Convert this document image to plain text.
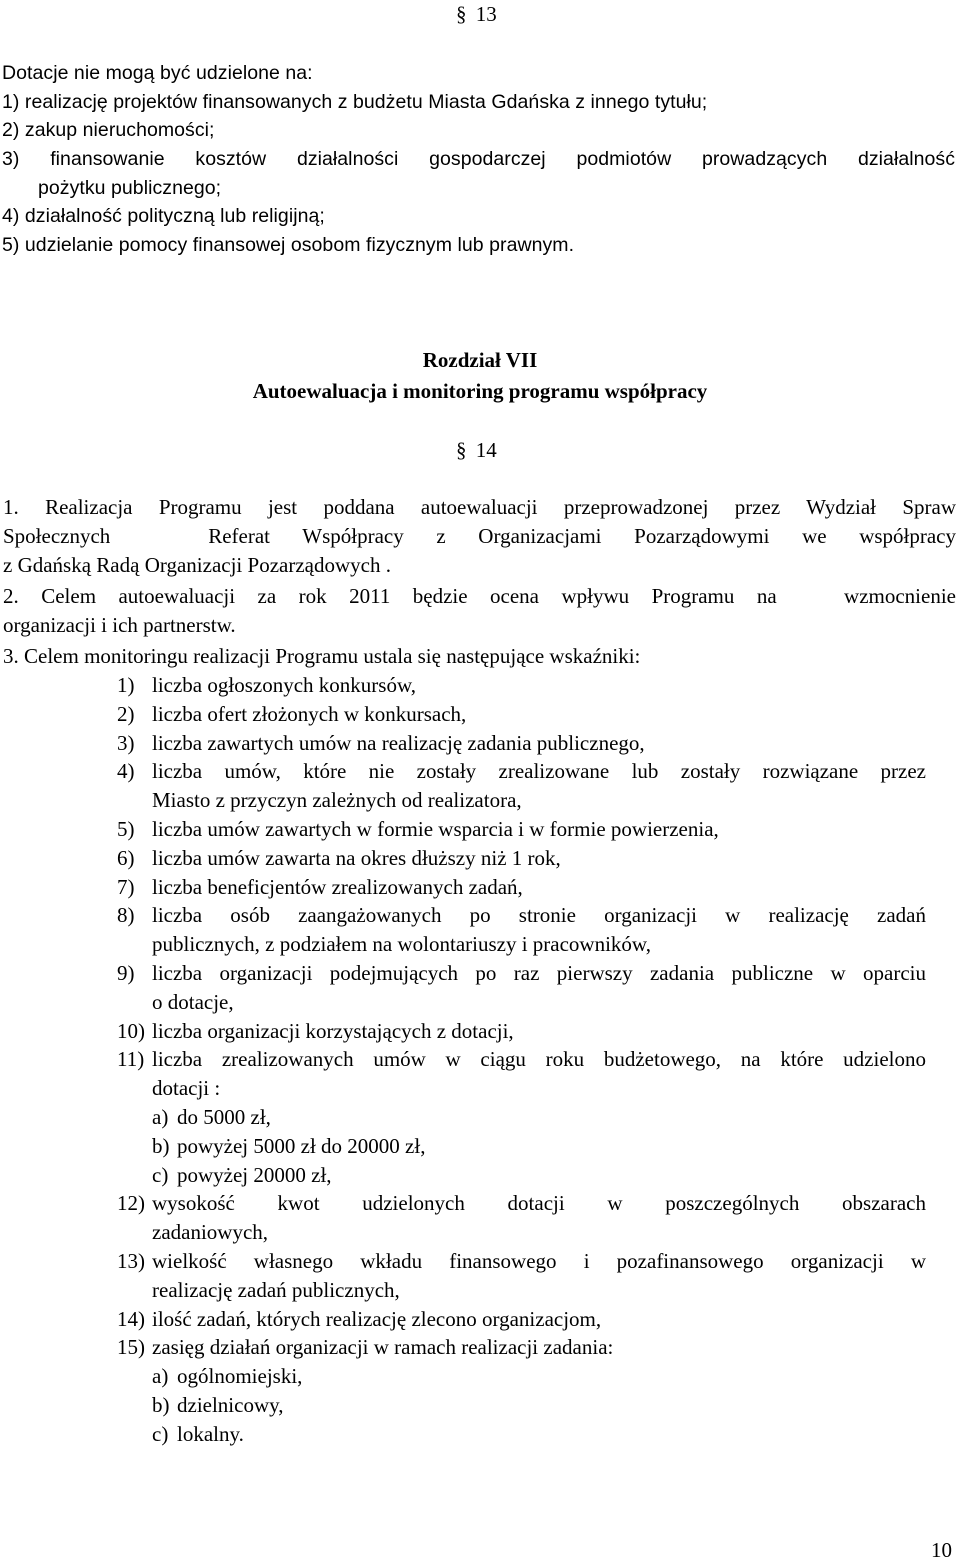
§ 13

Dotacje nie mogą być udzielone na:

1) realizację projektów finansowanych z budżetu Miasta Gdańska z innego tytułu;

2) zakup nieruchomości;

3) finansowanie kosztów działalności gospodarczej podmiotów prowadzących działalność

pożytku publicznego;

4) działalność polityczną lub religijną;

5) udzielanie pomocy finansowej osobom fizycznym lub prawnym.

Rozdział VII

Autoewaluacja i monitoring programu współpracy

§ 14

1. Realizacja Programu jest poddana autoewaluacji przeprowadzonej przez Wydział Spraw

Społecznych   Referat Współpracy z Organizacjami Pozarządowymi we współpracy

z Gdańską Radą Organizacji Pozarządowych .

2. Celem autoewaluacji za rok 2011 będzie ocena wpływu Programu na   wzmocnienie

organizacji i ich partnerstw.

3. Celem monitoringu realizacji Programu ustala się następujące wskaźniki:

1) liczba ogłoszonych konkursów,
2) liczba ofert złożonych w konkursach,
3) liczba zawartych umów na realizację zadania publicznego,
4) liczba umów, które nie zostały zrealizowane lub zostały rozwiązane przez
Miasto z przyczyn zależnych od realizatora,
5) liczba umów zawartych w formie wsparcia i w formie powierzenia,
6) liczba umów zawarta na okres dłuższy niż 1 rok,
7) liczba beneficjentów zrealizowanych zadań,
8) liczba osób zaangażowanych po stronie organizacji w realizację zadań
publicznych, z podziałem na wolontariuszy i pracowników,
9) liczba organizacji podejmujących po raz pierwszy zadania publiczne w oparciu
o dotacje,
10) liczba organizacji korzystających z dotacji,
11) liczba zrealizowanych umów w ciągu roku budżetowego, na które udzielono
dotacji :
a) do 5000 zł,
b) powyżej 5000 zł do 20000 zł,
c) powyżej 20000 zł,
12) wysokość kwot udzielonych dotacji w poszczególnych obszarach
zadaniowych,
13) wielkość własnego wkładu finansowego i pozafinansowego organizacji w
realizację zadań publicznych,
14) ilość zadań, których realizację zlecono organizacjom,
15) zasięg działań organizacji w ramach realizacji zadania:
a) ogólnomiejski,
b) dzielnicowy,
c) lokalny.

10
